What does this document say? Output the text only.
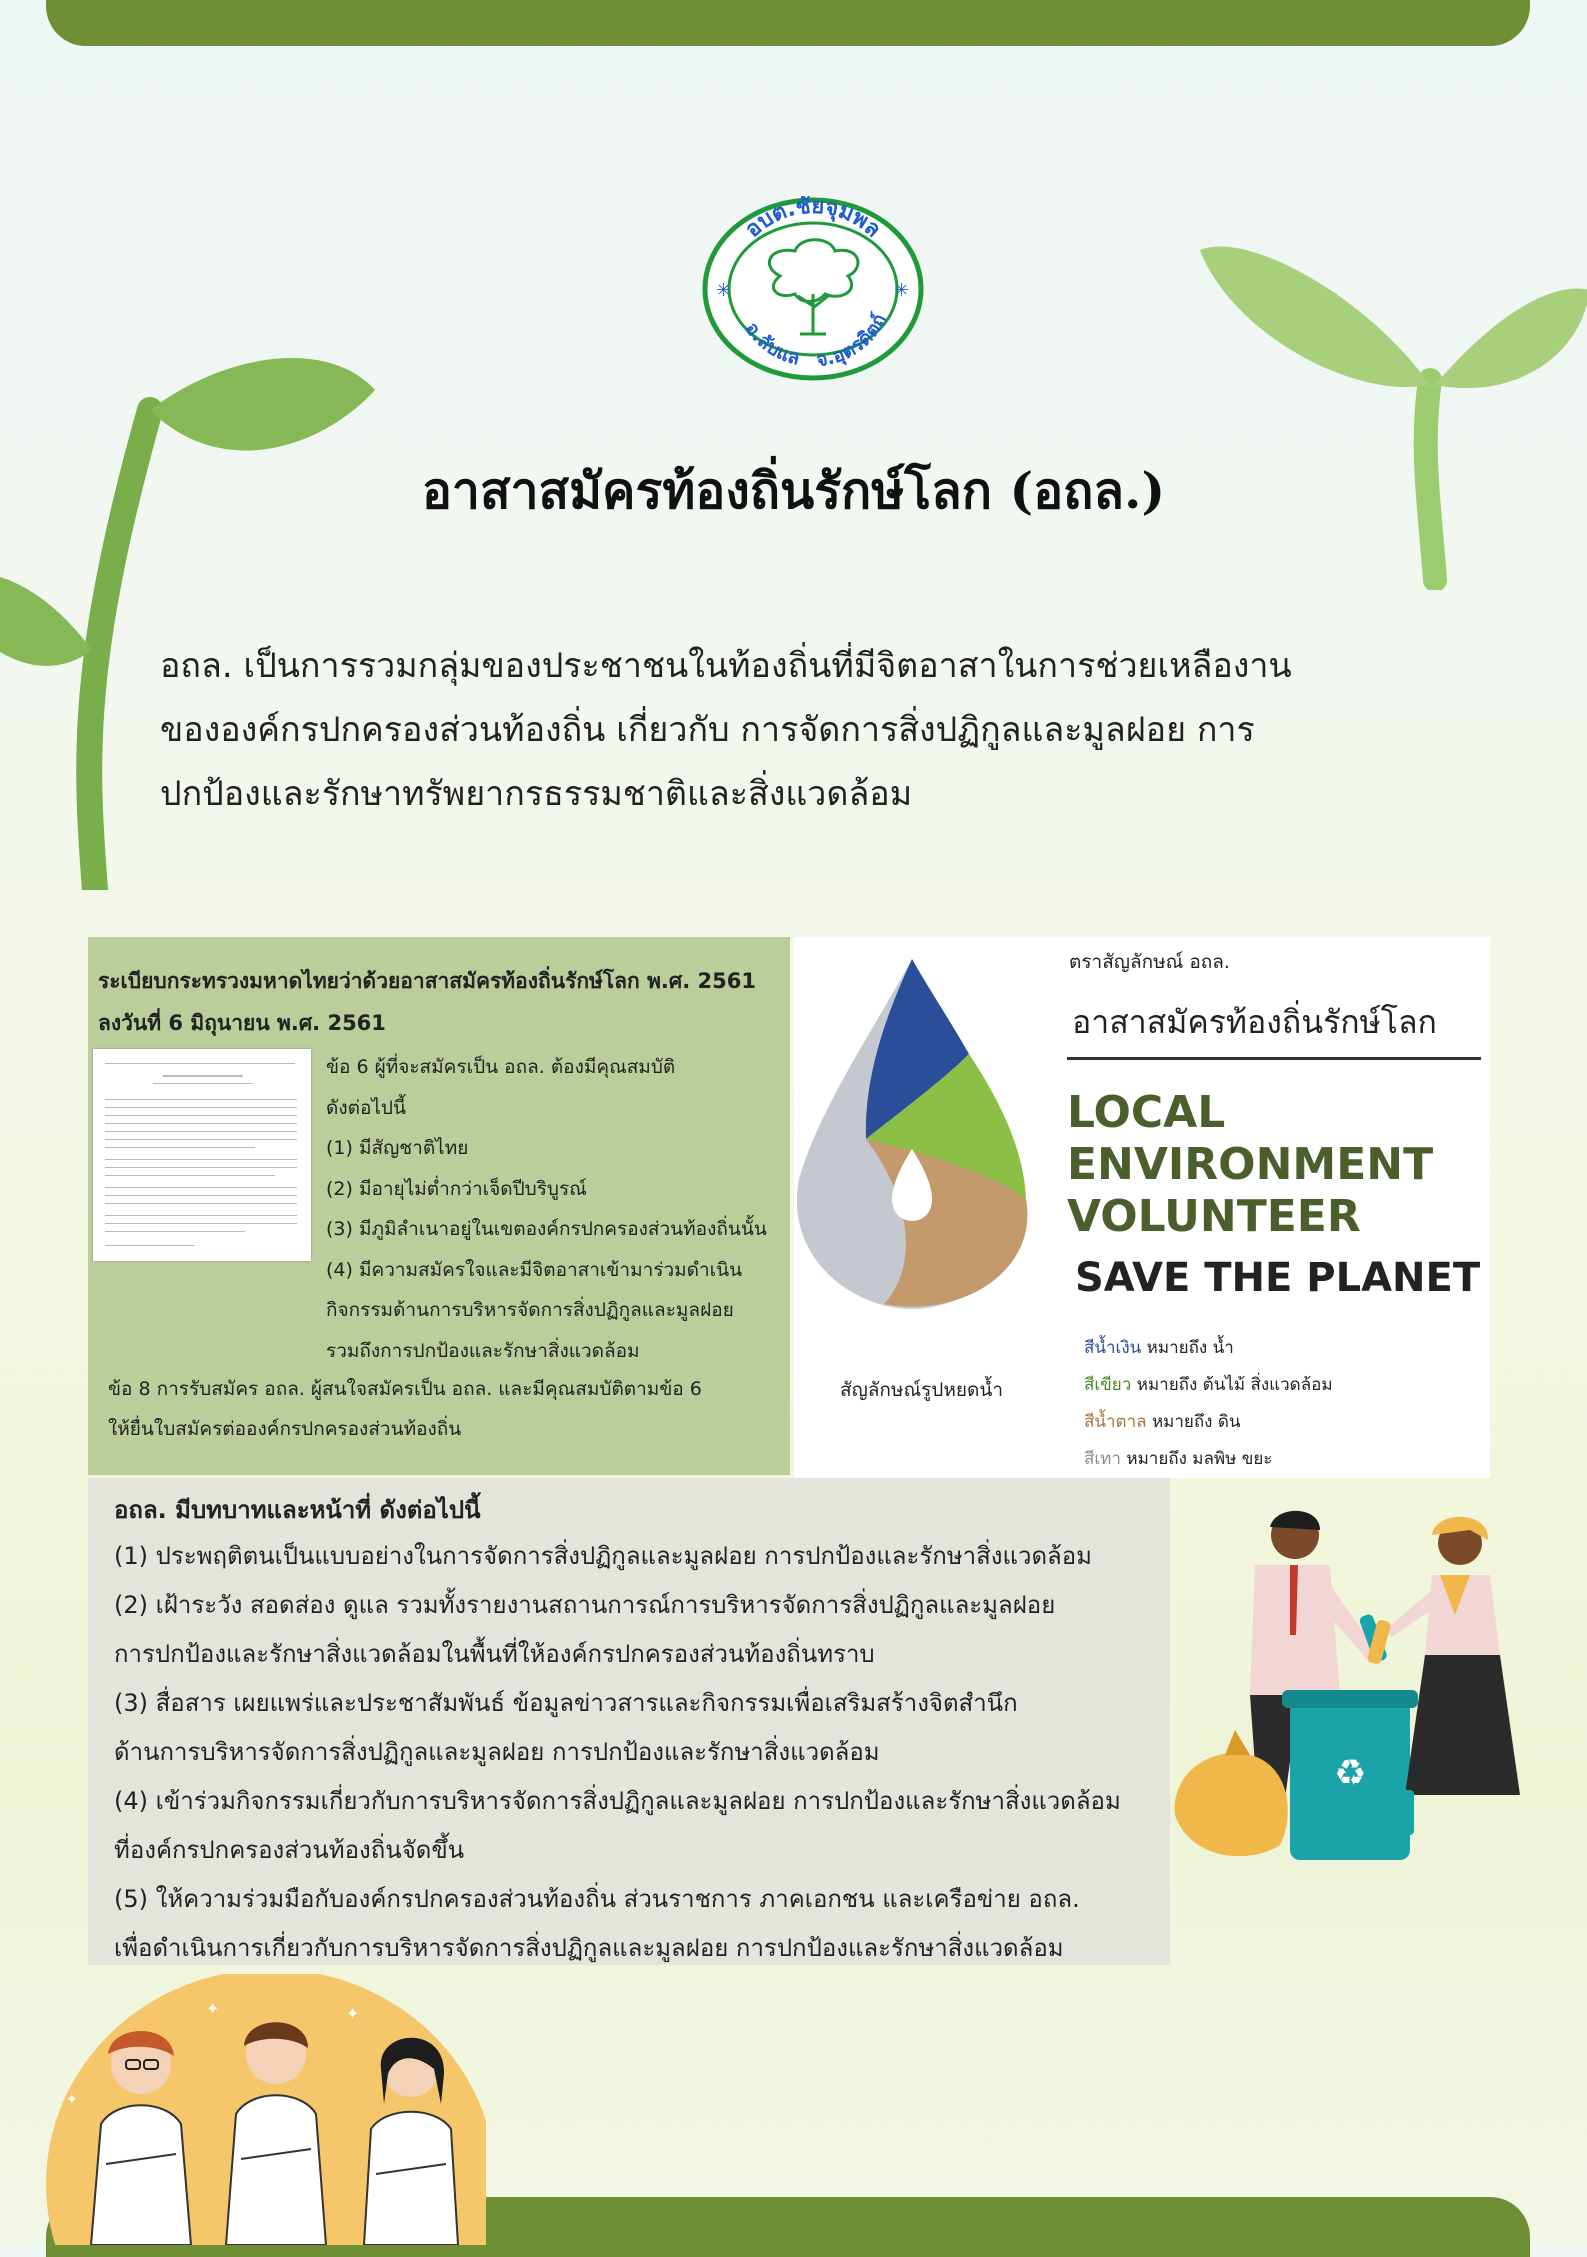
อบต.ชัยจุมพล
อ.ลับแล จ.อุตรดิตถ์
✳	✳
อาสาสมัครท้องถิ่นรักษ์โลก (อถล.)
อถล. เป็นการรวมกลุ่มของประชาชนในท้องถิ่นที่มีจิตอาสาในการช่วยเหลืองาน
ขององค์กรปกครองส่วนท้องถิ่น เกี่ยวกับ การจัดการสิ่งปฏิกูลและมูลฝอย การ
ปกป้องและรักษาทรัพยากรธรรมชาติและสิ่งแวดล้อม
ระเบียบกระทรวงมหาดไทยว่าด้วยอาสาสมัครท้องถิ่นรักษ์โลก พ.ศ. 2561
ลงวันที่ 6 มิถุนายน พ.ศ. 2561
ข้อ 6 ผู้ที่จะสมัครเป็น อถล. ต้องมีคุณสมบัติ
ดังต่อไปนี้
(1) มีสัญชาติไทย
(2) มีอายุไม่ต่ำกว่าเจ็ดปีบริบูรณ์
(3) มีภูมิลำเนาอยู่ในเขตองค์กรปกครองส่วนท้องถิ่นนั้น
(4) มีความสมัครใจและมีจิตอาสาเข้ามาร่วมดำเนิน
กิจกรรมด้านการบริหารจัดการสิ่งปฏิกูลและมูลฝอย
รวมถึงการปกป้องและรักษาสิ่งแวดล้อม
ข้อ 8 การรับสมัคร อถล. ผู้สนใจสมัครเป็น อถล. และมีคุณสมบัติตามข้อ 6
ให้ยื่นใบสมัครต่อองค์กรปกครองส่วนท้องถิ่น
สัญลักษณ์รูปหยดน้ำ
ตราสัญลักษณ์ อถล.
อาสาสมัครท้องถิ่นรักษ์โลก
LOCAL
ENVIRONMENT
VOLUNTEER
SAVE THE PLANET
สีน้ำเงิน หมายถึง น้ำ
สีเขียว หมายถึง ต้นไม้ สิ่งแวดล้อม
สีน้ำตาล หมายถึง ดิน
สีเทา หมายถึง มลพิษ ขยะ
อถล. มีบทบาทและหน้าที่ ดังต่อไปนี้
(1) ประพฤติตนเป็นแบบอย่างในการจัดการสิ่งปฏิกูลและมูลฝอย การปกป้องและรักษาสิ่งแวดล้อม
(2) เฝ้าระวัง สอดส่อง ดูแล รวมทั้งรายงานสถานการณ์การบริหารจัดการสิ่งปฏิกูลและมูลฝอย
การปกป้องและรักษาสิ่งแวดล้อมในพื้นที่ให้องค์กรปกครองส่วนท้องถิ่นทราบ
(3) สื่อสาร เผยแพร่และประชาสัมพันธ์ ข้อมูลข่าวสารและกิจกรรมเพื่อเสริมสร้างจิตสำนึก
ด้านการบริหารจัดการสิ่งปฏิกูลและมูลฝอย การปกป้องและรักษาสิ่งแวดล้อม
(4) เข้าร่วมกิจกรรมเกี่ยวกับการบริหารจัดการสิ่งปฏิกูลและมูลฝอย การปกป้องและรักษาสิ่งแวดล้อม
ที่องค์กรปกครองส่วนท้องถิ่นจัดขึ้น
(5) ให้ความร่วมมือกับองค์กรปกครองส่วนท้องถิ่น ส่วนราชการ ภาคเอกชน และเครือข่าย อถล.
เพื่อดำเนินการเกี่ยวกับการบริหารจัดการสิ่งปฏิกูลและมูลฝอย การปกป้องและรักษาสิ่งแวดล้อม
♻
✦	✦
✦
